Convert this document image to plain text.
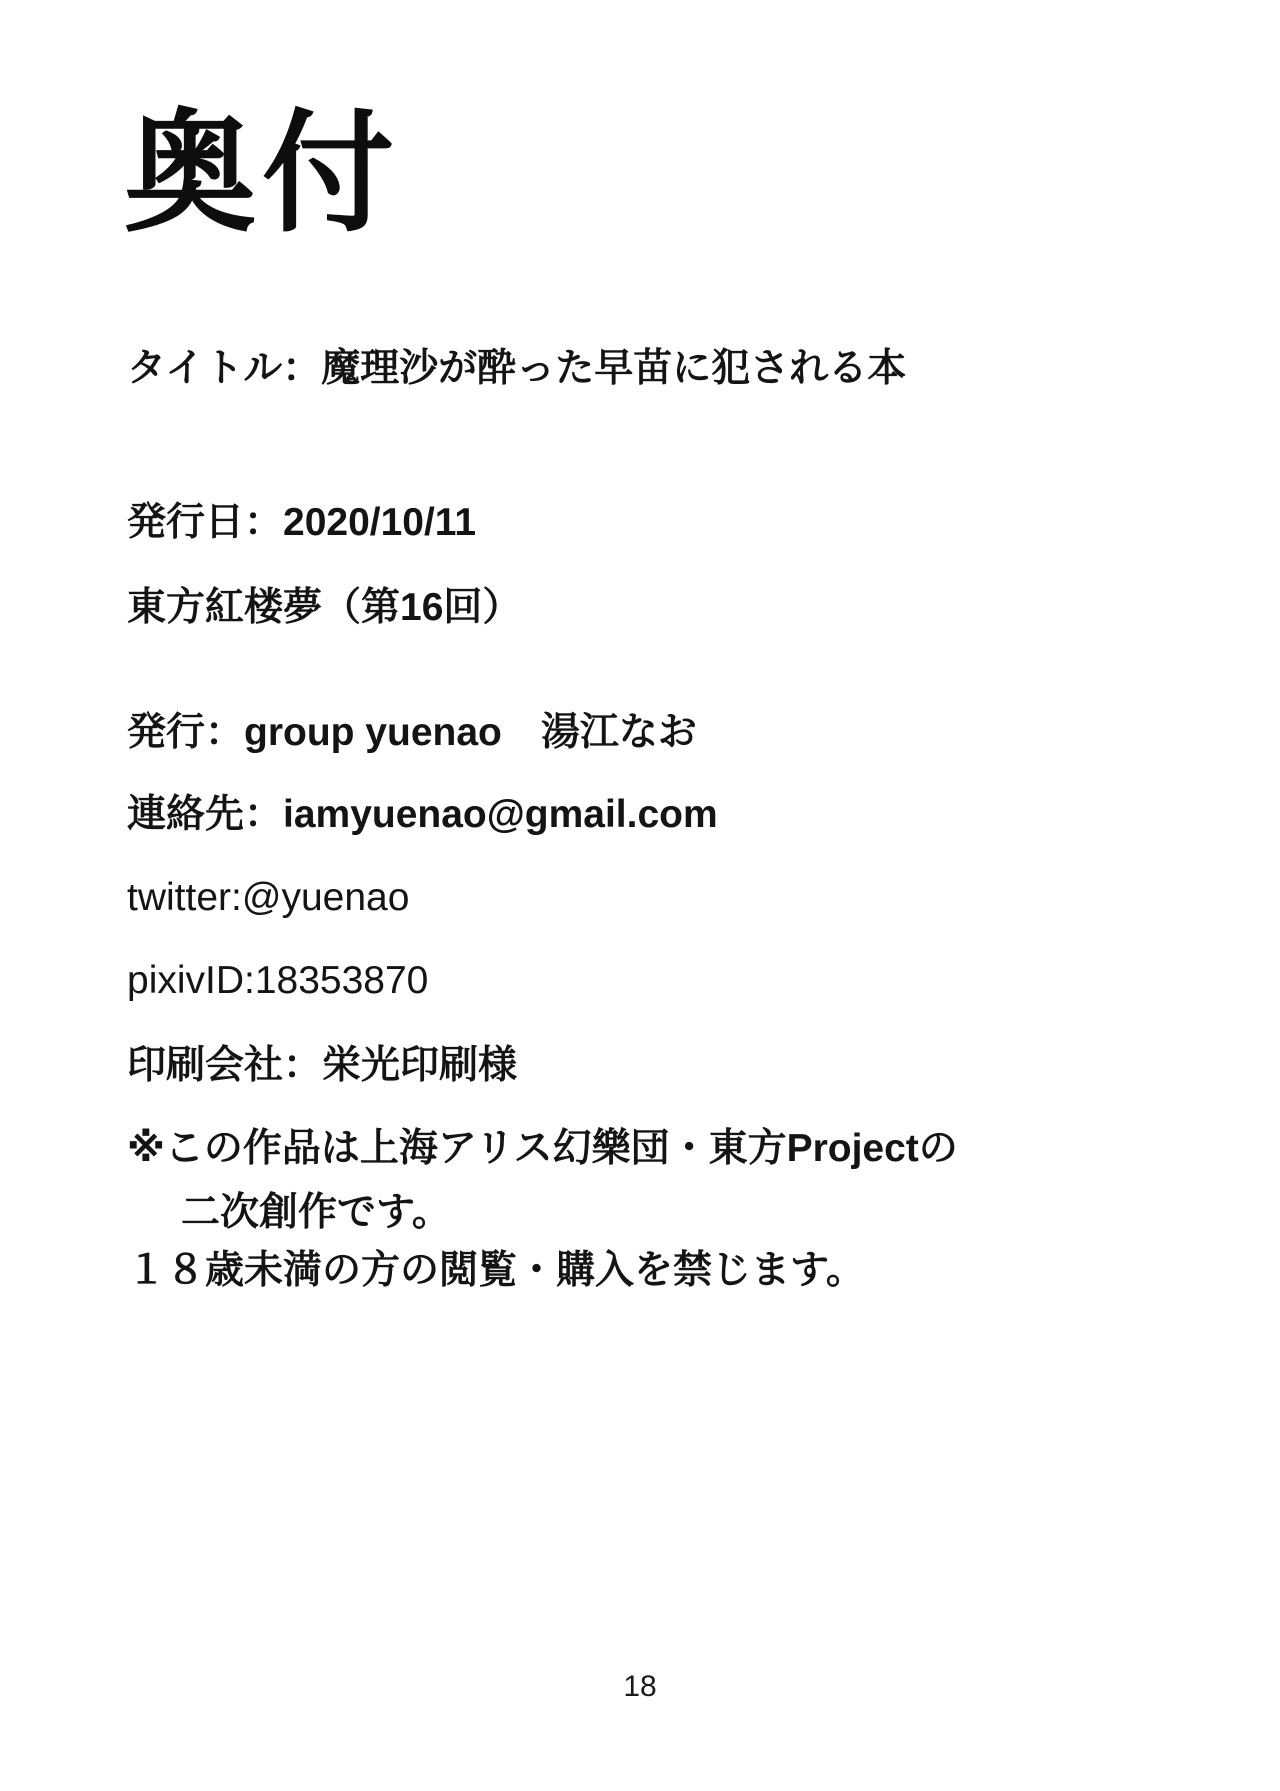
奥付
タイトル：魔理沙が酔った早苗に犯される本
発行日：2020/10/11
東方紅楼夢（第16回）
発行：group yuenao　湯江なお
連絡先：iamyuenao@gmail.com
twitter:@yuenao
pixivID:18353870
印刷会社：栄光印刷様
※この作品は上海アリス幻樂団・東方Projectの
二次創作です。
１８歳未満の方の閲覧・購入を禁じます。
18
